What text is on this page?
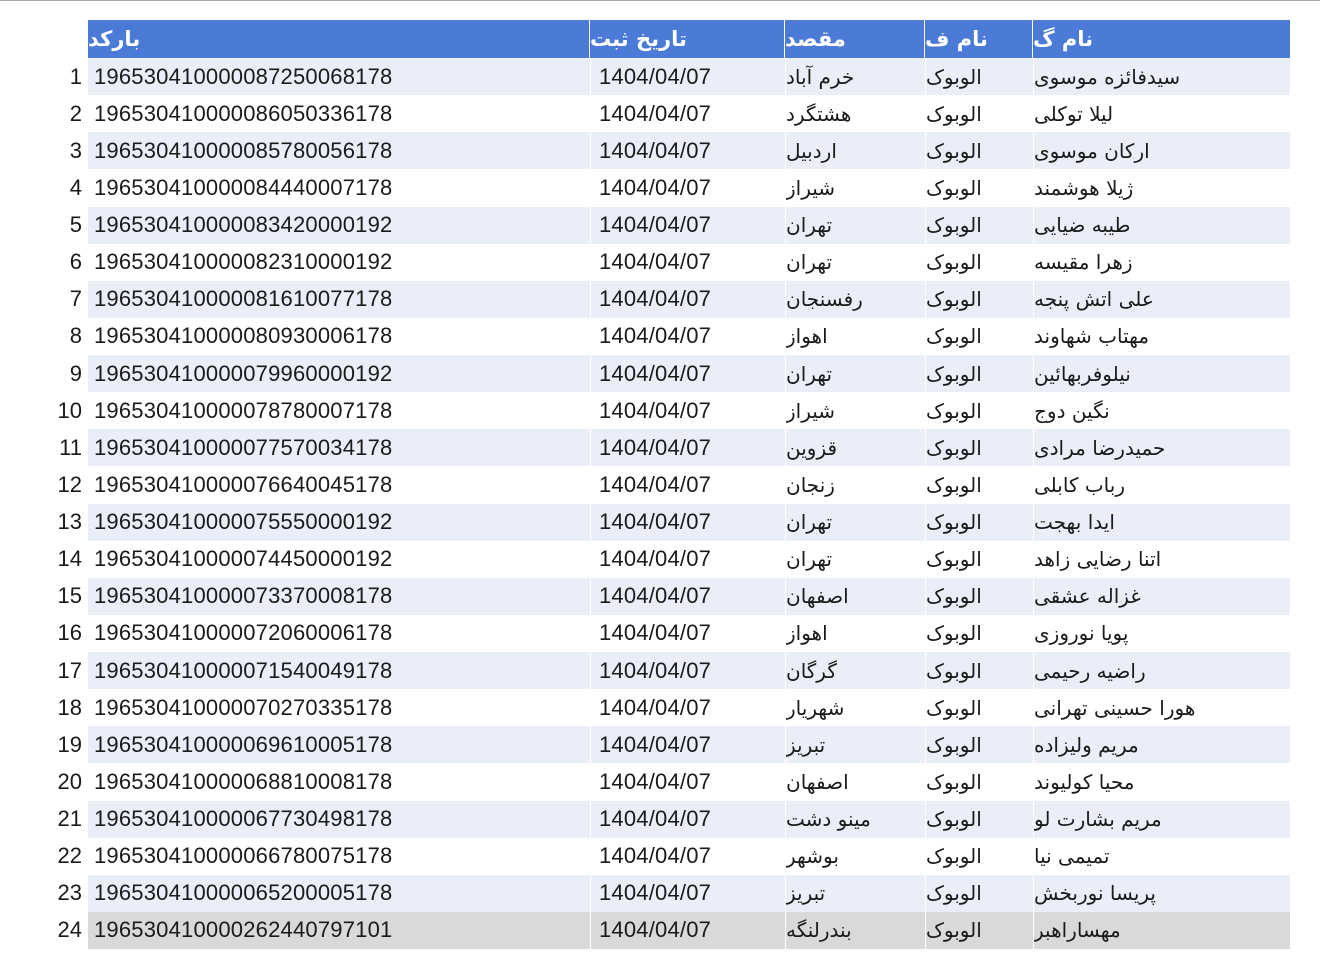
بارکد	تاریخ ثبت	مقصد	نام ف	نام گ
1 196530410000087250068178	1404/04/07	خرم آباد	الوبوک	سیدفائزه موسوی
2 196530410000086050336178	1404/04/07	هشتگرد	الوبوک	لیلا توکلی
3 196530410000085780056178	1404/04/07	اردبیل	الوبوک	ارکان موسوی
4 196530410000084440007178	1404/04/07	شیراز	الوبوک	ژیلا هوشمند
5 196530410000083420000192	1404/04/07	تهران	الوبوک	طیبه ضیایی
6 196530410000082310000192	1404/04/07	تهران	الوبوک	زهرا مقیسه
7 196530410000081610077178	1404/04/07	رفسنجان	الوبوک	علی اتش پنجه
8 196530410000080930006178	1404/04/07	اهواز	الوبوک	مهتاب شهاوند
9 196530410000079960000192	1404/04/07	تهران	الوبوک	نیلوفربهائین
10 196530410000078780007178	1404/04/07	شیراز	الوبوک	نگین دوج
11 196530410000077570034178	1404/04/07	قزوین	الوبوک	حمیدرضا مرادی
12 196530410000076640045178	1404/04/07	زنجان	الوبوک	رباب کابلی
13 196530410000075550000192	1404/04/07	تهران	الوبوک	ایدا بهجت
14 196530410000074450000192	1404/04/07	تهران	الوبوک	اتنا رضایی زاهد
15 196530410000073370008178	1404/04/07	اصفهان	الوبوک	غزاله عشقی
16 196530410000072060006178	1404/04/07	اهواز	الوبوک	پویا نوروزی
17 196530410000071540049178	1404/04/07	گرگان	الوبوک	راضیه رحیمی
18 196530410000070270335178	1404/04/07	شهریار	الوبوک	هورا حسینی تهرانی
19 196530410000069610005178	1404/04/07	تبریز	الوبوک	مریم ولیزاده
20 196530410000068810008178	1404/04/07	اصفهان	الوبوک	محیا کولیوند
21 196530410000067730498178	1404/04/07	مینو دشت	الوبوک	مریم بشارت لو
22 196530410000066780075178	1404/04/07	بوشهر	الوبوک	تمیمی نیا
23 196530410000065200005178	1404/04/07	تبریز	الوبوک	پریسا نوربخش
24 196530410000262440797101	1404/04/07	بندرلنگه	الوبوک	مهساراهبر
